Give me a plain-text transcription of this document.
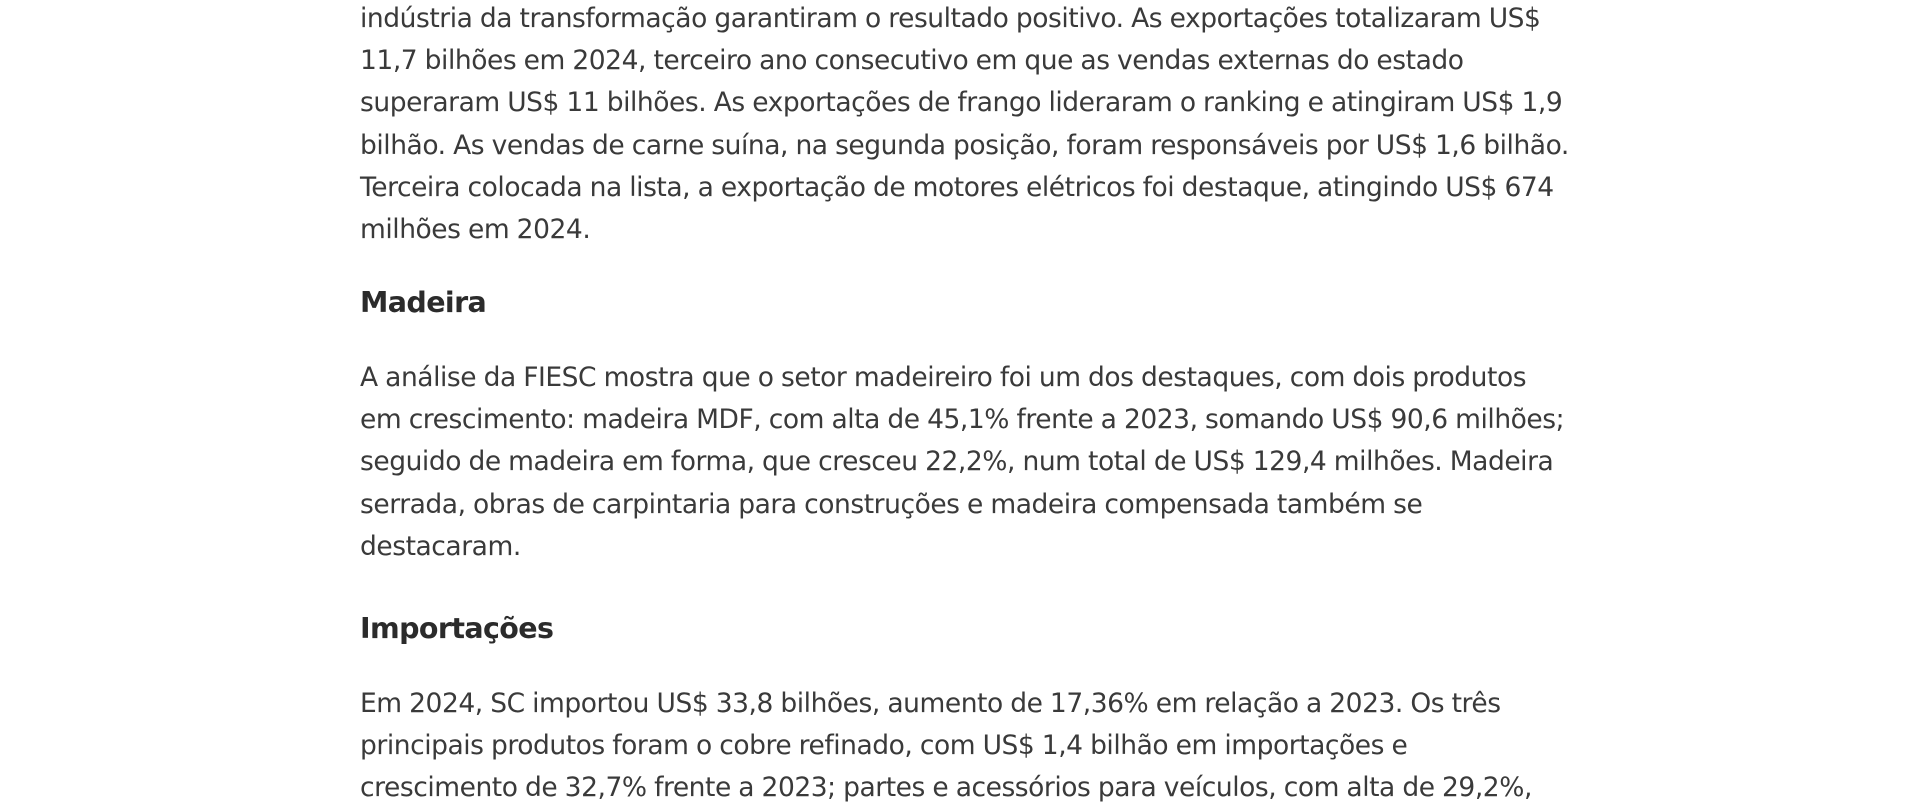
indústria da transformação garantiram o resultado positivo. As exportações totalizaram US$ 11,7 bilhões em 2024, terceiro ano consecutivo em que as vendas externas do estado superaram US$ 11 bilhões. As exportações de frango lideraram o ranking e atingiram US$ 1,9 bilhão. As vendas de carne suína, na segunda posição, foram responsáveis por US$ 1,6 bilhão. Terceira colocada na lista, a exportação de motores elétricos foi destaque, atingindo US$ 674 milhões em 2024.

Madeira

A análise da FIESC mostra que o setor madeireiro foi um dos destaques, com dois produtos em crescimento: madeira MDF, com alta de 45,1% frente a 2023, somando US$ 90,6 milhões; seguido de madeira em forma, que cresceu 22,2%, num total de US$ 129,4 milhões. Madeira serrada, obras de carpintaria para construções e madeira compensada também se destacaram.

Importações

Em 2024, SC importou US$ 33,8 bilhões, aumento de 17,36% em relação a 2023. Os três principais produtos foram o cobre refinado, com US$ 1,4 bilhão em importações e crescimento de 32,7% frente a 2023; partes e acessórios para veículos, com alta de 29,2%,
